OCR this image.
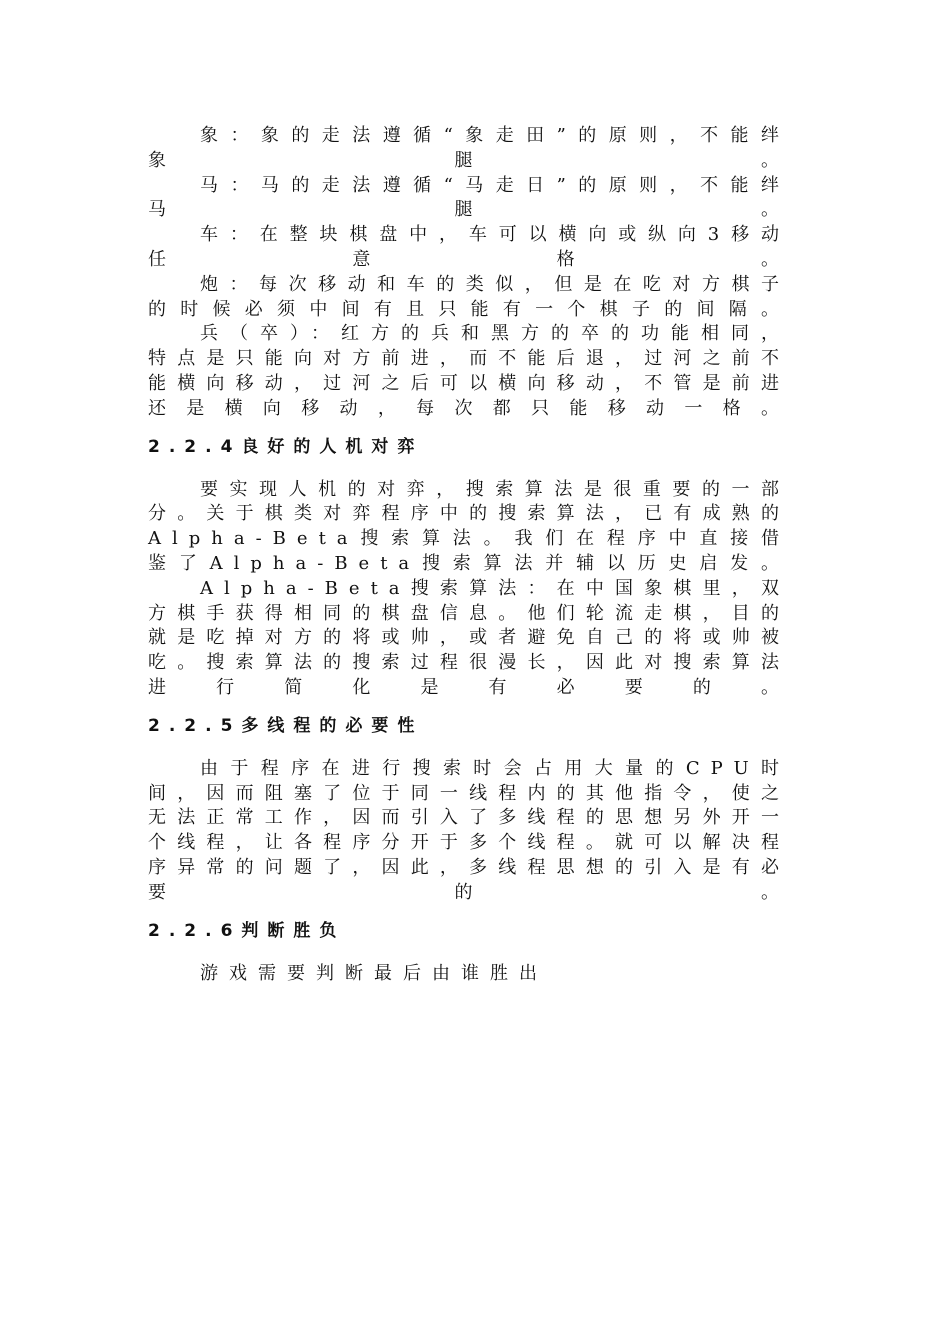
象：象的走法遵循“象走田”的原则，不能绊象腿。

马：马的走法遵循“马走日”的原则，不能绊马腿。

车：在整块棋盘中，车可以横向或纵向3移动任意格。

炮：每次移动和车的类似，但是在吃对方棋子的时候必须中间有且只能有一个棋子的间隔。

兵（卒）：红方的兵和黑方的卒的功能相同，特点是只能向对方前进，而不能后退，过河之前不能横向移动，过河之后可以横向移动，不管是前进还是横向移动，每次都只能移动一格。

2.2.4良好的人机对弈

要实现人机的对弈，搜索算法是很重要的一部分。关于棋类对弈程序中的搜索算法，已有成熟的Alpha-Beta搜索算法。我们在程序中直接借鉴了Alpha-Beta搜索算法并辅以历史启发。

Alpha-Beta搜索算法：在中国象棋里，双方棋手获得相同的棋盘信息。他们轮流走棋，目的就是吃掉对方的将或帅，或者避免自己的将或帅被吃。搜索算法的搜索过程很漫长，因此对搜索算法进行简化是有必要的。

2.2.5多线程的必要性

由于程序在进行搜索时会占用大量的CPU时间，因而阻塞了位于同一线程内的其他指令，使之无法正常工作，因而引入了多线程的思想另外开一个线程，让各程序分开于多个线程。就可以解决程序异常的问题了，因此，多线程思想的引入是有必要的。

2.2.6判断胜负

游戏需要判断最后由谁胜出
